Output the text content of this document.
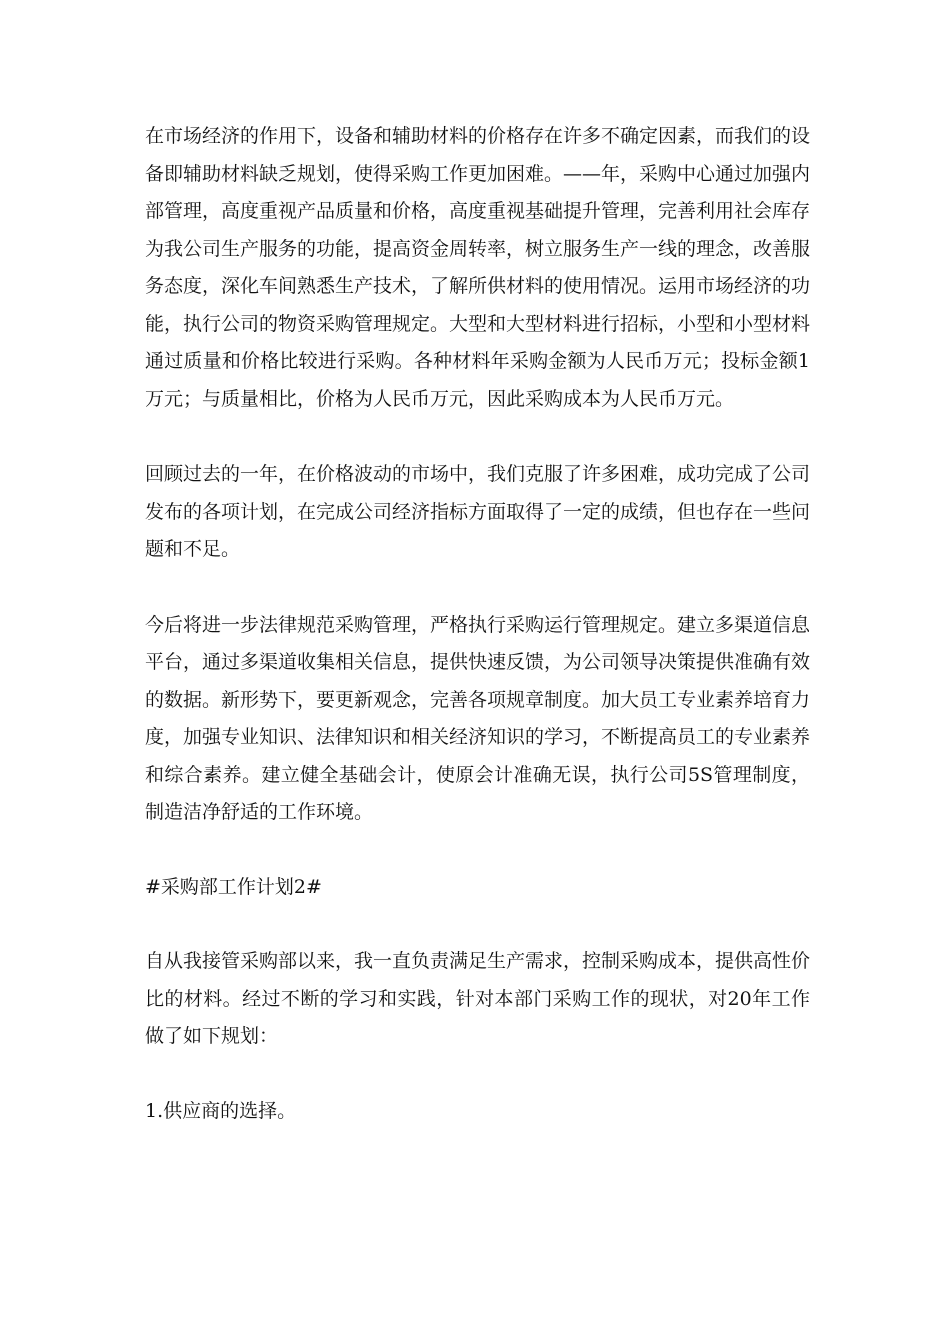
在市场经济的作用下，设备和辅助材料的价格存在许多不确定因素，而我们的设备即辅助材料缺乏规划，使得采购工作更加困难。——年，采购中心通过加强内部管理，高度重视产品质量和价格，高度重视基础提升管理，完善利用社会库存为我公司生产服务的功能，提高资金周转率，树立服务生产一线的理念，改善服务态度，深化车间熟悉生产技术，了解所供材料的使用情况。运用市场经济的功能，执行公司的物资采购管理规定。大型和大型材料进行招标，小型和小型材料通过质量和价格比较进行采购。各种材料年采购金额为人民币万元；投标金额1万元；与质量相比，价格为人民币万元，因此采购成本为人民币万元。

回顾过去的一年，在价格波动的市场中，我们克服了许多困难，成功完成了公司发布的各项计划，在完成公司经济指标方面取得了一定的成绩，但也存在一些问题和不足。

今后将进一步法律规范采购管理，严格执行采购运行管理规定。建立多渠道信息平台，通过多渠道收集相关信息，提供快速反馈，为公司领导决策提供准确有效的数据。新形势下，要更新观念，完善各项规章制度。加大员工专业素养培育力度，加强专业知识、法律知识和相关经济知识的学习，不断提高员工的专业素养和综合素养。建立健全基础会计，使原会计准确无误，执行公司5S管理制度，制造洁净舒适的工作环境。

#采购部工作计划2#

自从我接管采购部以来，我一直负责满足生产需求，控制采购成本，提供高性价比的材料。经过不断的学习和实践，针对本部门采购工作的现状，对20年工作做了如下规划：

1.供应商的选择。
